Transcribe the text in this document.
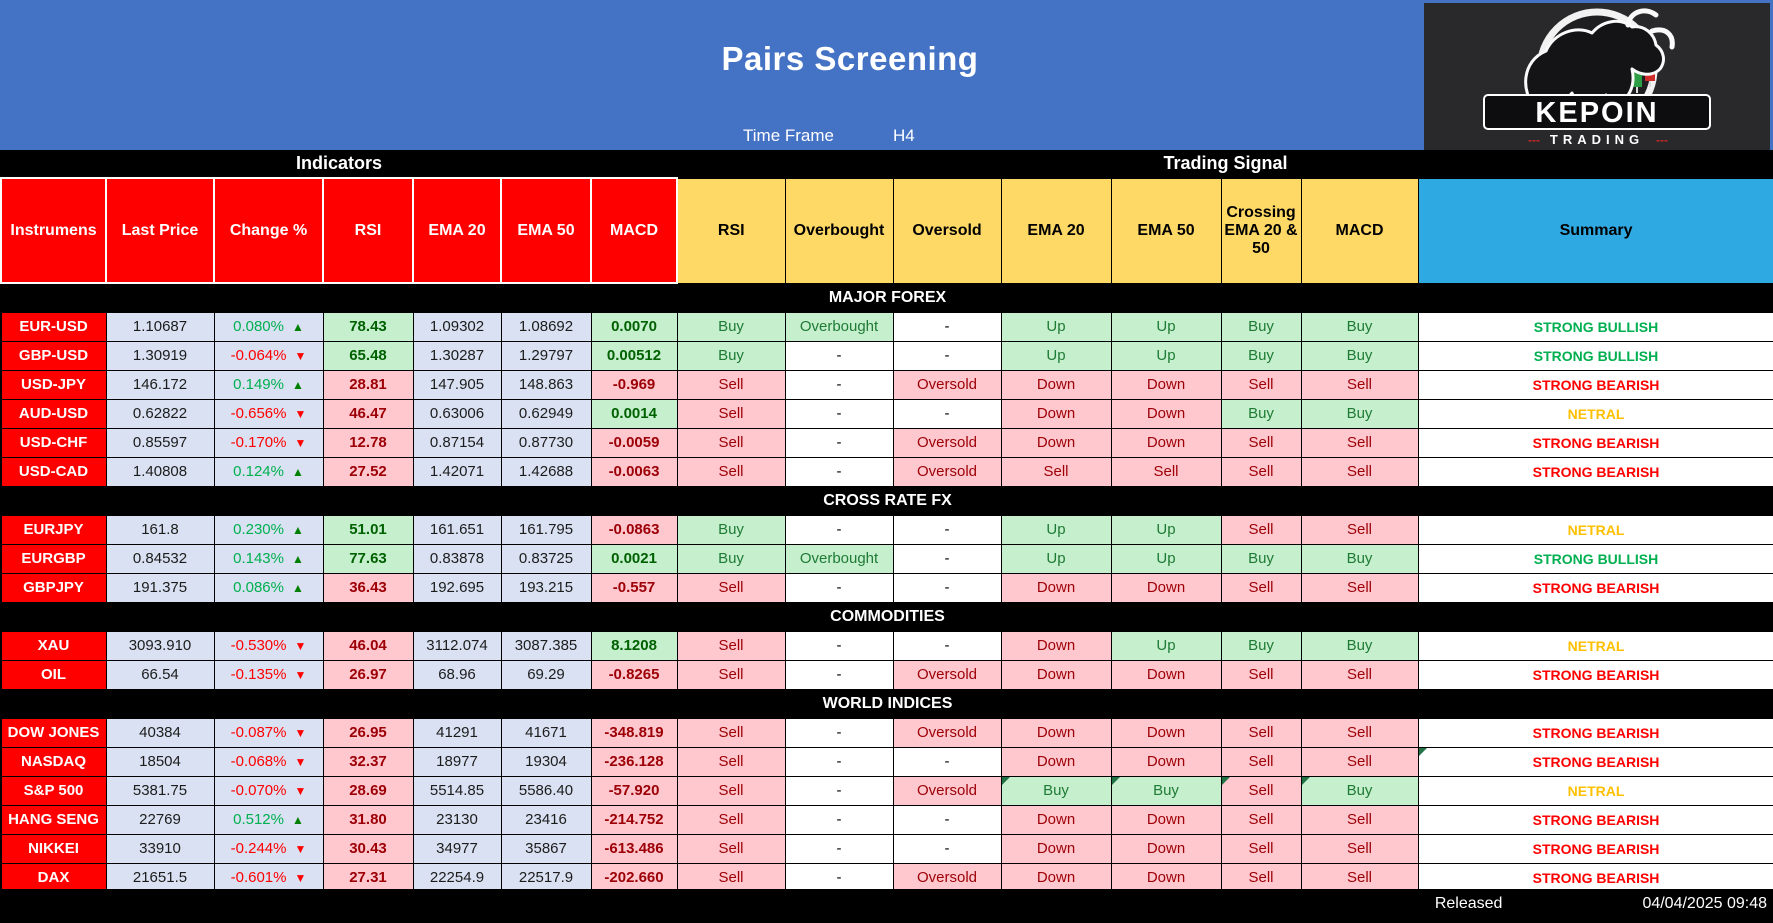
Pairs Screening
Time Frame	H4
KEPOIN
--- TRADING ---
Indicators							Trading Signal							
Instrumens	Last Price	Change %	RSI	EMA 20	EMA 50	MACD	RSI	Overbought	Oversold	EMA 20	EMA 50	Crossing EMA 20 & 50	MACD	Summary
MAJOR FOREX														
EUR-USD	1.10687	0.080% ▲	78.43	1.09302	1.08692	0.0070	Buy	Overbought	-	Up	Up	Buy	Buy	STRONG BULLISH
GBP-USD	1.30919	-0.064% ▼	65.48	1.30287	1.29797	0.00512	Buy	-	-	Up	Up	Buy	Buy	STRONG BULLISH
USD-JPY	146.172	0.149% ▲	28.81	147.905	148.863	-0.969	Sell	-	Oversold	Down	Down	Sell	Sell	STRONG BEARISH
AUD-USD	0.62822	-0.656% ▼	46.47	0.63006	0.62949	0.0014	Sell	-	-	Down	Down	Buy	Buy	NETRAL
USD-CHF	0.85597	-0.170% ▼	12.78	0.87154	0.87730	-0.0059	Sell	-	Oversold	Down	Down	Sell	Sell	STRONG BEARISH
USD-CAD	1.40808	0.124% ▲	27.52	1.42071	1.42688	-0.0063	Sell	-	Oversold	Sell	Sell	Sell	Sell	STRONG BEARISH
CROSS RATE FX														
EURJPY	161.8	0.230% ▲	51.01	161.651	161.795	-0.0863	Buy	-	-	Up	Up	Sell	Sell	NETRAL
EURGBP	0.84532	0.143% ▲	77.63	0.83878	0.83725	0.0021	Buy	Overbought	-	Up	Up	Buy	Buy	STRONG BULLISH
GBPJPY	191.375	0.086% ▲	36.43	192.695	193.215	-0.557	Sell	-	-	Down	Down	Sell	Sell	STRONG BEARISH
COMMODITIES														
XAU	3093.910	-0.530% ▼	46.04	3112.074	3087.385	8.1208	Sell	-	-	Down	Up	Buy	Buy	NETRAL
OIL	66.54	-0.135% ▼	26.97	68.96	69.29	-0.8265	Sell	-	Oversold	Down	Down	Sell	Sell	STRONG BEARISH
WORLD INDICES														
DOW JONES	40384	-0.087% ▼	26.95	41291	41671	-348.819	Sell	-	Oversold	Down	Down	Sell	Sell	STRONG BEARISH
NASDAQ	18504	-0.068% ▼	32.37	18977	19304	-236.128	Sell	-	-	Down	Down	Sell	Sell	STRONG BEARISH
S&P 500	5381.75	-0.070% ▼	28.69	5514.85	5586.40	-57.920	Sell	-	Oversold	Buy	Buy	Sell	Buy	NETRAL
HANG SENG	22769	0.512% ▲	31.80	23130	23416	-214.752	Sell	-	-	Down	Down	Sell	Sell	STRONG BEARISH
NIKKEI	33910	-0.244% ▼	30.43	34977	35867	-613.486	Sell	-	-	Down	Down	Sell	Sell	STRONG BEARISH
DAX	21651.5	-0.601% ▼	27.31	22254.9	22517.9	-202.660	Sell	-	Oversold	Down	Down	Sell	Sell	STRONG BEARISH
Released	04/04/2025 09:48
